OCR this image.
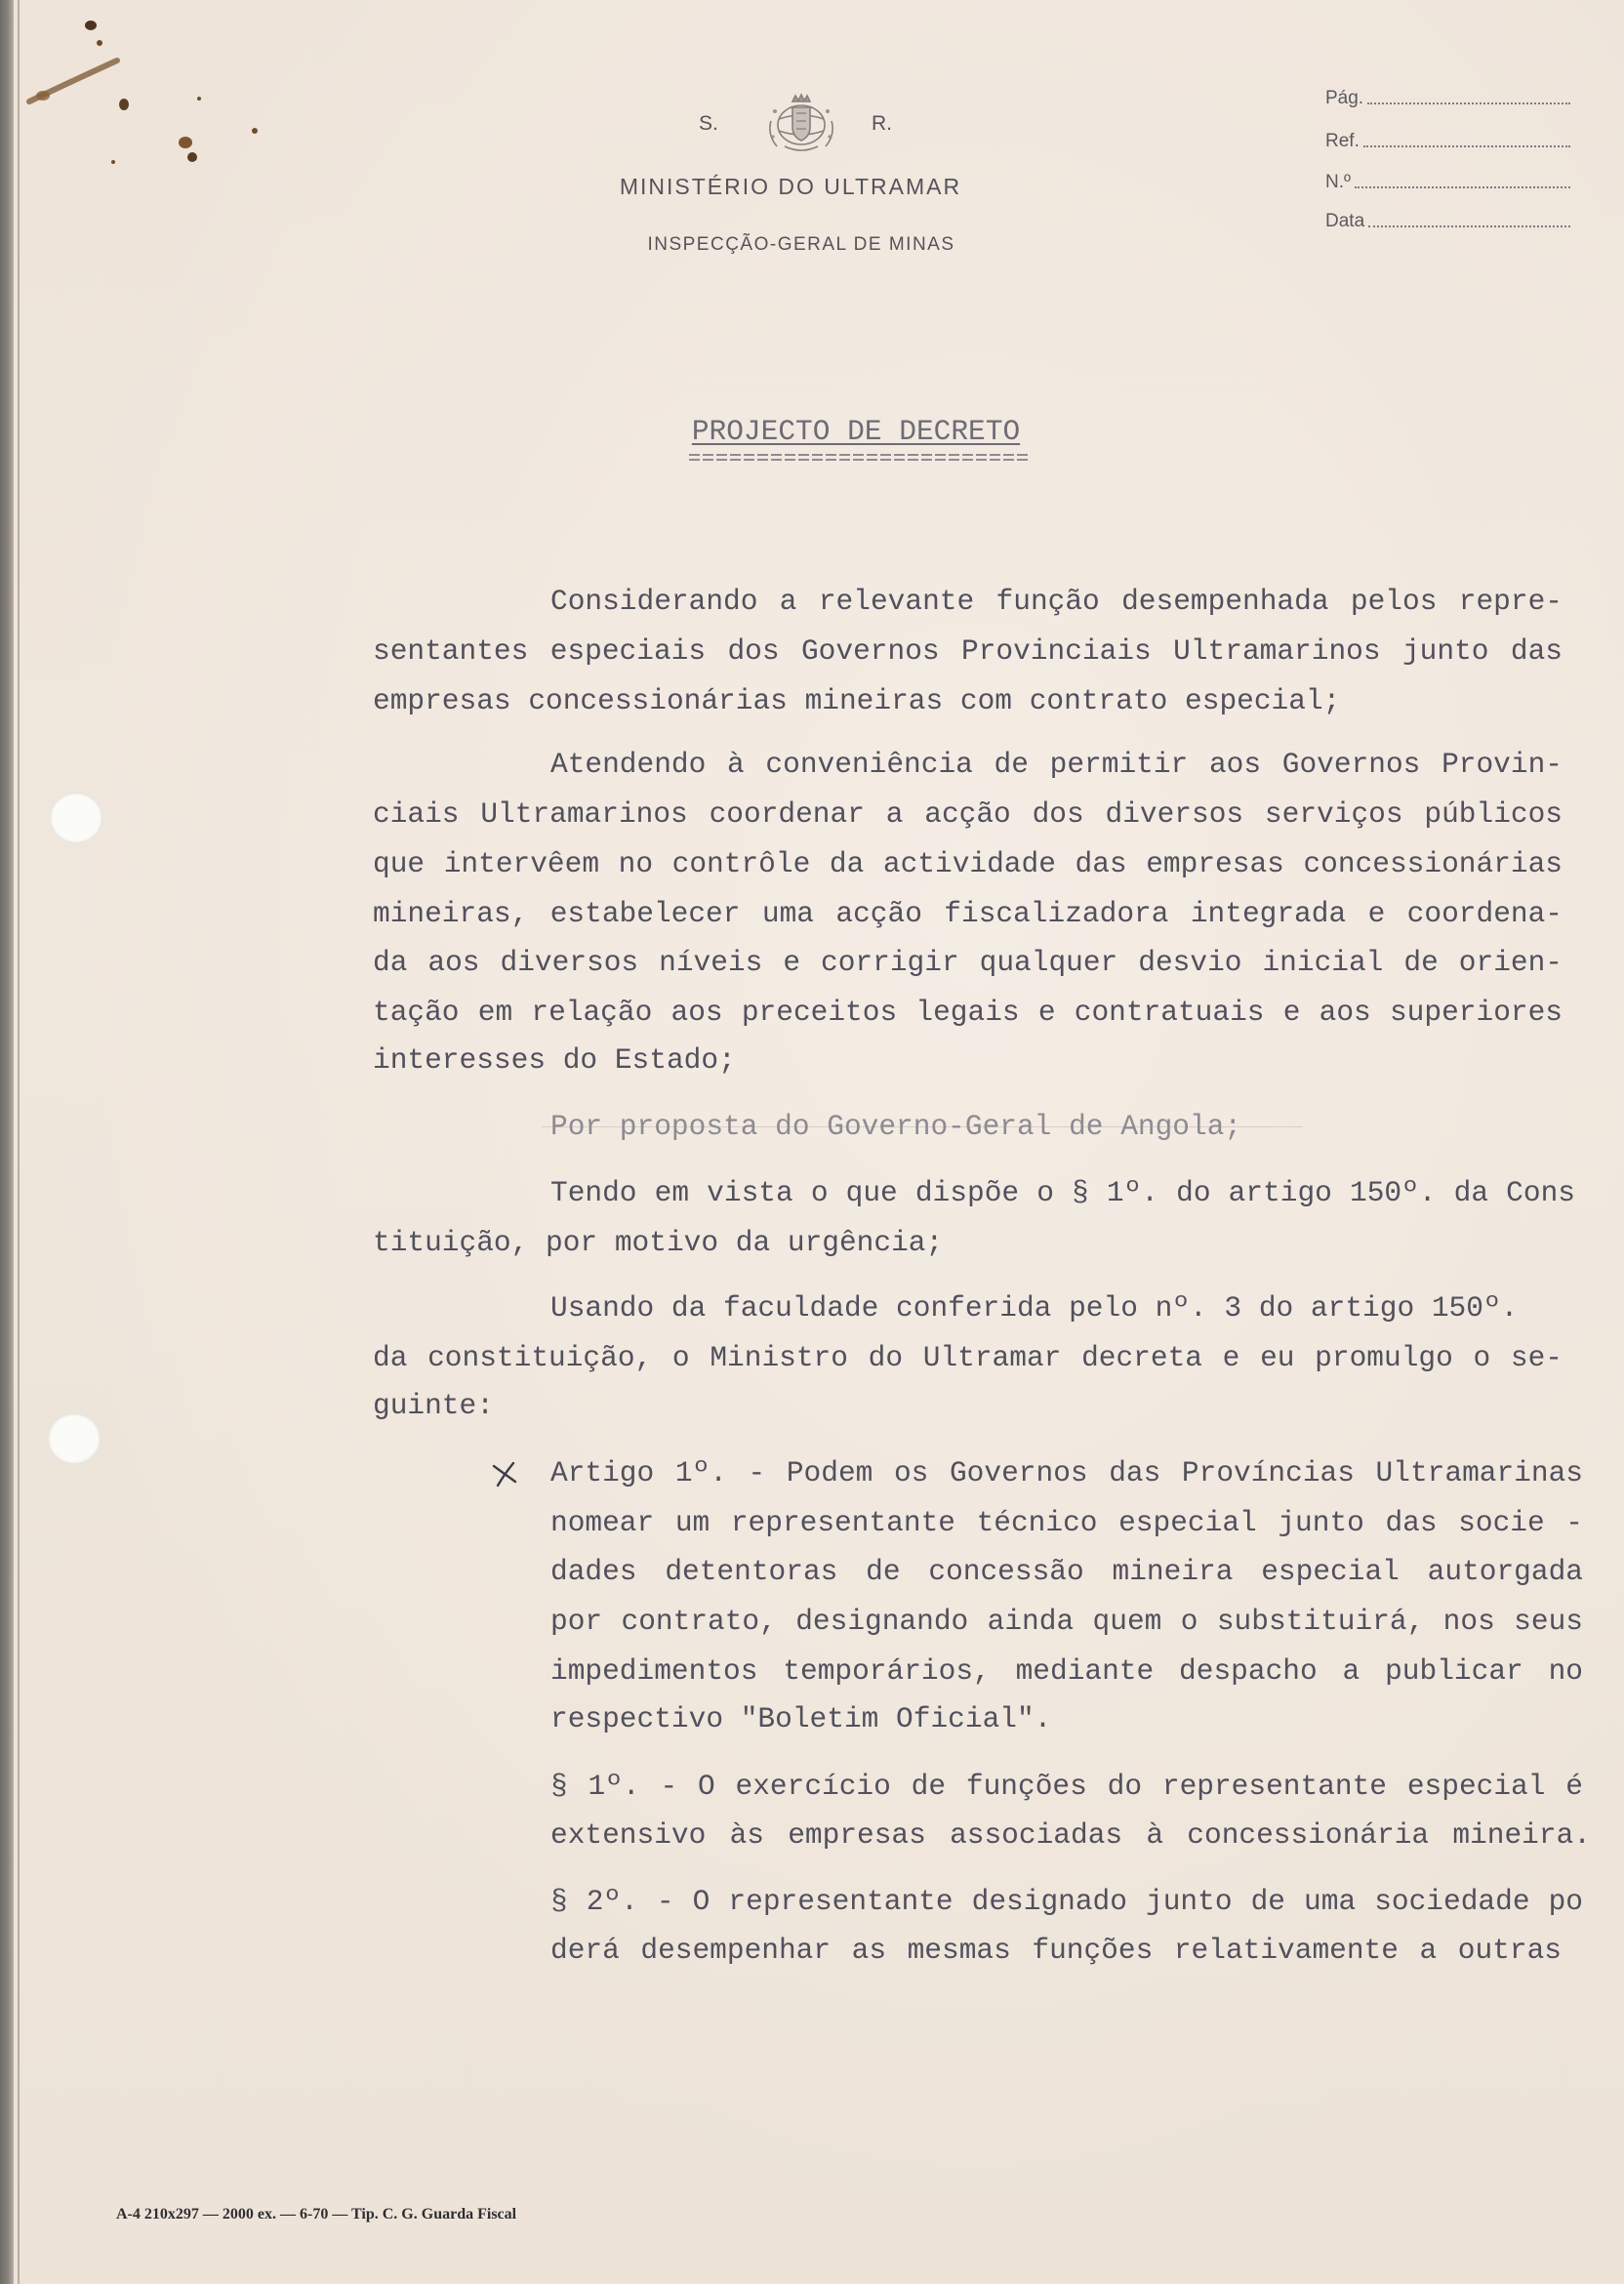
S.	R.
MINISTÉRIO DO ULTRAMAR
INSPECÇÃO-GERAL DE MINAS
Pág.
Ref.
N.º
Data
PROJECTO DE DECRETO
Considerando a relevante função desempenhada pelos repre-
sentantes especiais dos Governos Provinciais Ultramarinos junto das
empresas concessionárias mineiras com contrato especial;
Atendendo à conveniência de permitir aos Governos Provin-
ciais Ultramarinos coordenar a acção dos diversos serviços públicos
que intervêem no contrôle da actividade das empresas concessionárias
mineiras, estabelecer uma acção fiscalizadora integrada e coordena-
da aos diversos níveis e corrigir qualquer desvio inicial de orien-
tação em relação aos preceitos legais e contratuais e aos superiores
interesses do Estado;
Por proposta do Governo-Geral de Angola;
Tendo em vista o que dispõe o § 1º. do artigo 150º. da Cons
tituição, por motivo da urgência;
Usando da faculdade conferida pelo nº. 3 do artigo 150º.
da constituição, o Ministro do Ultramar decreta e eu promulgo o se-
guinte:
Artigo 1º. - Podem os Governos das Províncias Ultramarinas
nomear um representante técnico especial junto das socie -
dades detentoras de concessão mineira especial autorgada
por contrato, designando ainda quem o substituirá, nos seus
impedimentos temporários, mediante despacho a publicar no
respectivo "Boletim Oficial".
§ 1º. - O exercício de funções do representante especial é
extensivo às empresas associadas à concessionária mineira.
§ 2º. - O representante designado junto de uma sociedade po
derá desempenhar as mesmas funções relativamente a outras
A-4 210x297 — 2000 ex. — 6-70 — Tip. C. G. Guarda Fiscal
